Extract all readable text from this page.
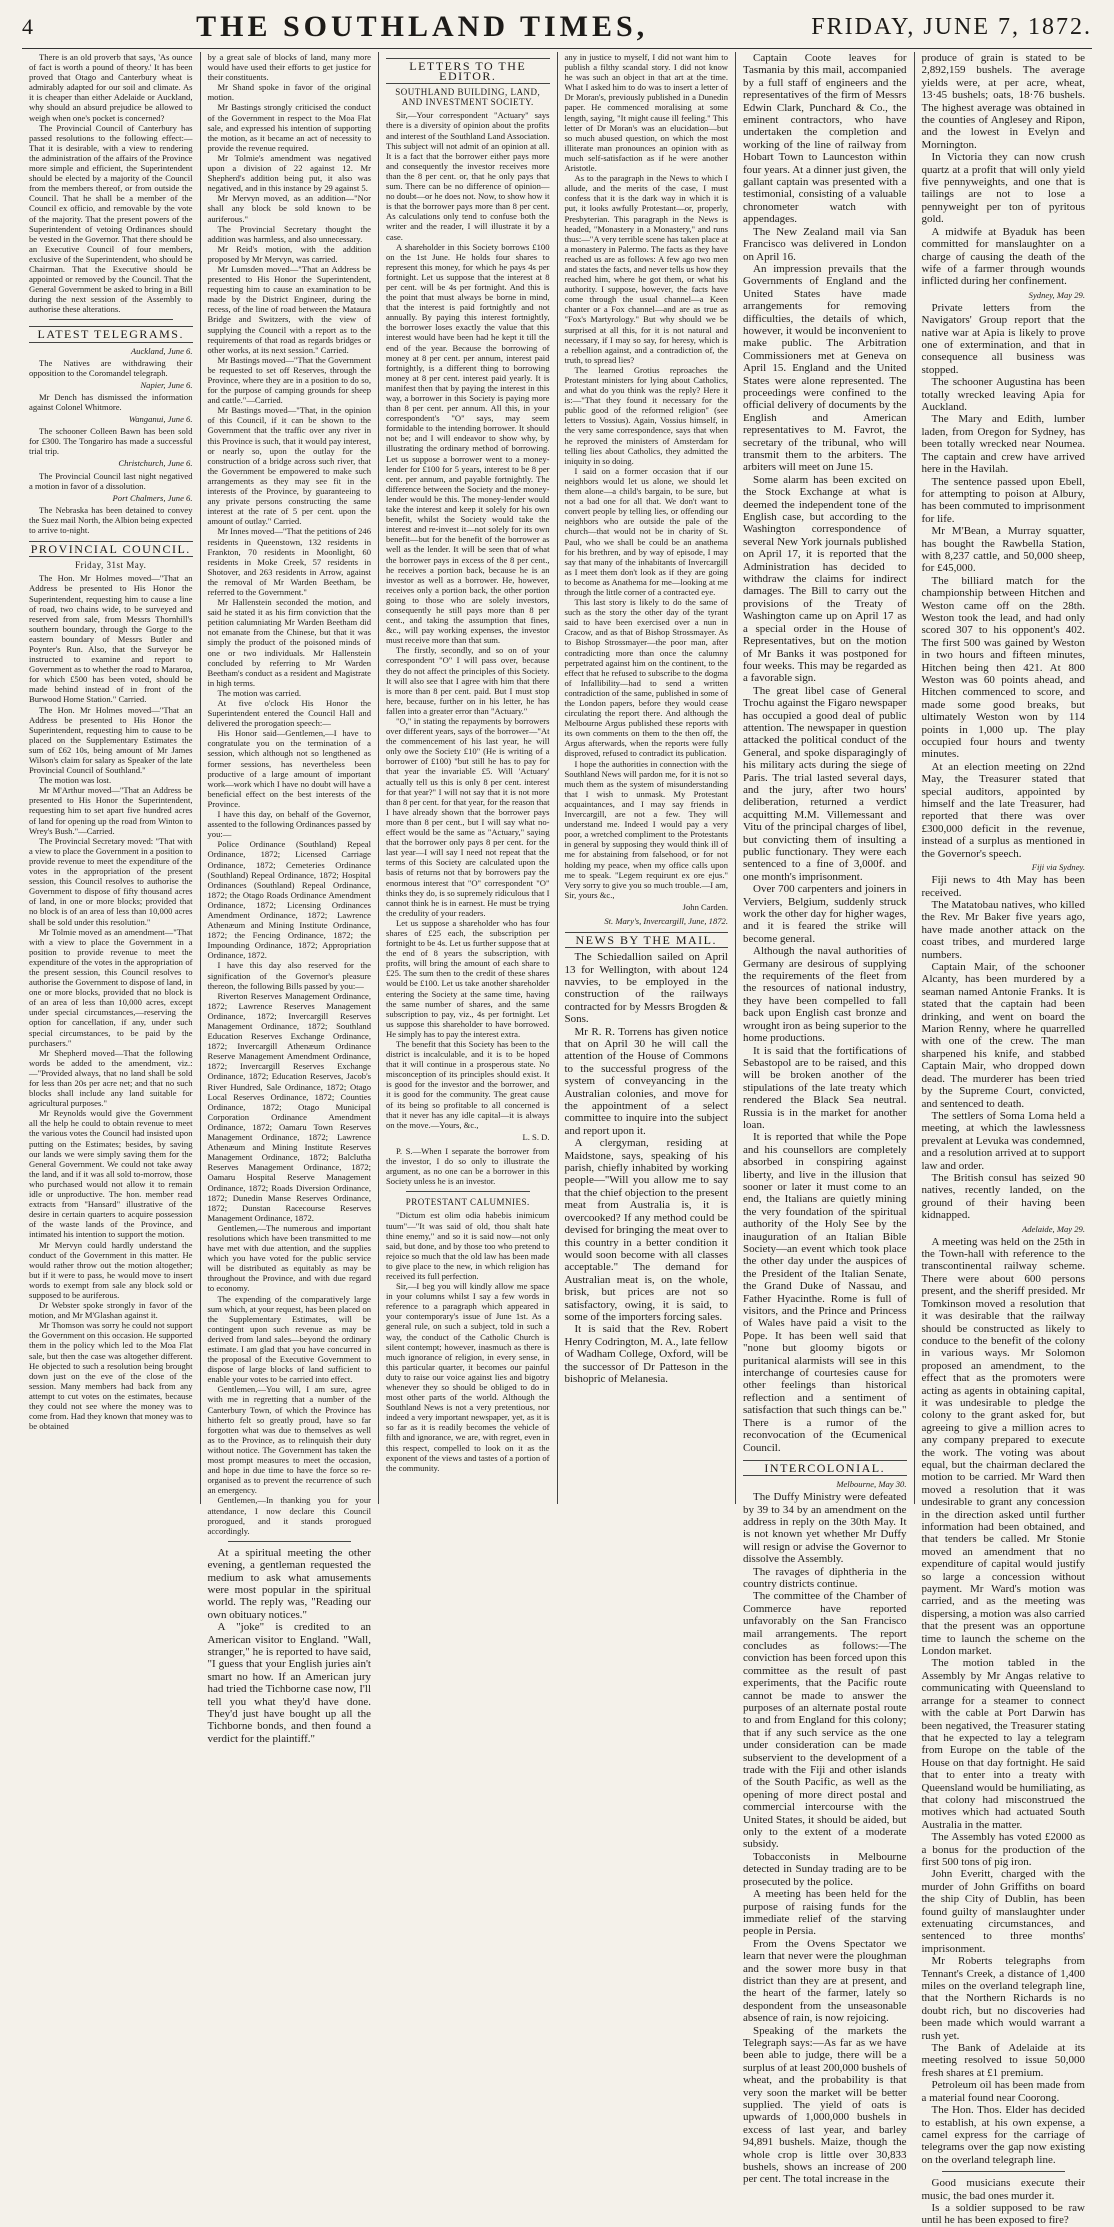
4	THE SOUTHLAND TIMES,	FRIDAY, JUNE 7, 1872.

There is an old proverb that says, 'As ounce of fact is worth a pound of theory.' It has been proved that Otago and Canterbury wheat is admirably adapted for our soil and climate. As it is cheaper than either Adelaide or Auckland, why should an absurd prejudice be allowed to weigh when one's pocket is concerned?

The Provincial Council of Canterbury has passed resolutions to the following effect:—That it is desirable, with a view to rendering the administration of the affairs of the Province more simple and efficient, the Superintendent should be elected by a majority of the Council from the members thereof, or from outside the Council. That he shall be a member of the Council ex officio, and removable by the vote of the majority. That the present powers of the Superintendent of vetoing Ordinances should be vested in the Governor. That there should be an Executive Council of four members, exclusive of the Superintendent, who should be Chairman. That the Executive should be appointed or removed by the Council. That the General Government be asked to bring in a Bill during the next session of the Assembly to authorise these alterations.

LATEST TELEGRAMS.
Auckland, June 6.

The Natives are withdrawing their opposition to the Coromandel telegraph.

Napier, June 6.

Mr Dench has dismissed the information against Colonel Whitmore.

Wanganui, June 6.

The schooner Colleen Bawn has been sold for £300. The Tongariro has made a successful trial trip.

Christchurch, June 6.

The Provincial Council last night negatived a motion in favor of a dissolution.

Port Chalmers, June 6.

The Nebraska has been detained to convey the Suez mail North, the Albion being expected to arrive to-night.

PROVINCIAL COUNCIL.
Friday, 31st May.

The Hon. Mr Holmes moved—"That an Address be presented to His Honor the Superintendent, requesting him to cause a line of road, two chains wide, to be surveyed and reserved from sale, from Messrs Thornhill's southern boundary, through the Gorge to the eastern boundary of Messrs Butler and Poynter's Run. Also, that the Surveyor be instructed to examine and report to Government as to whether the road to Mararoa, for which £500 has been voted, should be made behind instead of in front of the Burwood Home Station." Carried.

The Hon. Mr Holmes moved—"That an Address be presented to His Honor the Superintendent, requesting him to cause to be placed on the Supplementary Estimates the sum of £62 10s, being amount of Mr James Wilson's claim for salary as Speaker of the late Provincial Council of Southland."

The motion was lost.

Mr M'Arthur moved—"That an Address be presented to His Honor the Superintendent, requesting him to set apart five hundred acres of land for opening up the road from Winton to Wrey's Bush."—Carried.

The Provincial Secretary moved: "That with a view to place the Government in a position to provide revenue to meet the expenditure of the votes in the appropriation of the present session, this Council resolves to authorise the Government to dispose of fifty thousand acres of land, in one or more blocks; provided that no block is of an area of less than 10,000 acres shall be sold under this resolution."

Mr Tolmie moved as an amendment—"That with a view to place the Government in a position to provide revenue to meet the expenditure of the votes in the appropriation of the present session, this Council resolves to authorise the Government to dispose of land, in one or more blocks, provided that no block is of an area of less than 10,000 acres, except under special circumstances,—reserving the option for cancellation, if any, under such special circumstances, to be paid by the purchasers."

Mr Shepherd moved—That the following words be added to the amendment, viz.:—"Provided always, that no land shall be sold for less than 20s per acre net; and that no such blocks shall include any land suitable for agricultural purposes."

Mr Reynolds would give the Government all the help he could to obtain revenue to meet the various votes the Council had insisted upon putting on the Estimates; besides, by saving our lands we were simply saving them for the General Government. We could not take away the land, and if it was all sold to-morrow, those who purchased would not allow it to remain idle or unproductive. The hon. member read extracts from "Hansard" illustrative of the desire in certain quarters to acquire possession of the waste lands of the Province, and intimated his intention to support the motion.

Mr Mervyn could hardly understand the conduct of the Government in this matter. He would rather throw out the motion altogether; but if it were to pass, he would move to insert words to exempt from sale any block sold or supposed to be auriferous.

Dr Webster spoke strongly in favor of the motion, and Mr M'Glashan against it.

Mr Thomson was sorry he could not support the Government on this occasion. He supported them in the policy which led to the Moa Flat sale, but then the case was altogether different. He objected to such a resolution being brought down just on the eve of the close of the session. Many members had back from any attempt to cut votes on the estimates, because they could not see where the money was to come from. Had they known that money was to be obtained

by a great sale of blocks of land, many more would have used their efforts to get justice for their constituents.

Mr Shand spoke in favor of the original motion.

Mr Bastings strongly criticised the conduct of the Government in respect to the Moa Flat sale, and expressed his intention of supporting the motion, as it became an act of necessity to provide the revenue required.

Mr Tolmie's amendment was negatived upon a division of 22 against 12. Mr Shepherd's addition being put, it also was negatived, and in this instance by 29 against 5.

Mr Mervyn moved, as an addition—"Nor shall any block be sold known to be auriferous."

The Provincial Secretary thought the addition was harmless, and also unnecessary.

Mr Reid's motion, with the addition proposed by Mr Mervyn, was carried.

Mr Lumsden moved—"That an Address be presented to His Honor the Superintendent, requesting him to cause an examination to be made by the District Engineer, during the recess, of the line of road between the Mataura Bridge and Switzers, with the view of supplying the Council with a report as to the requirements of that road as regards bridges or other works, at its next session." Carried.

Mr Bastings moved—"That the Government be requested to set off Reserves, through the Province, where they are in a position to do so, for the purpose of camping grounds for sheep and cattle."—Carried.

Mr Bastings moved—"That, in the opinion of this Council, if it can be shown to the Government that the traffic over any river in this Province is such, that it would pay interest, or nearly so, upon the outlay for the construction of a bridge across such river, that the Government be empowered to make such arrangements as they may see fit in the interests of the Province, by guaranteeing to any private persons constructing the same interest at the rate of 5 per cent. upon the amount of outlay." Carried.

Mr Innes moved—"That the petitions of 246 residents in Queenstown, 132 residents in Frankton, 70 residents in Moonlight, 60 residents in Moke Creek, 57 residents in Shotover, and 263 residents in Arrow, against the removal of Mr Warden Beetham, be referred to the Government."

Mr Hallenstein seconded the motion, and said he stated it as his firm conviction that the petition calumniating Mr Warden Beetham did not emanate from the Chinese, but that it was simply the product of the poisoned minds of one or two individuals. Mr Hallenstein concluded by referring to Mr Warden Beetham's conduct as a resident and Magistrate in high terms.

The motion was carried.

At five o'clock His Honor the Superintendent entered the Council Hall and delivered the prorogation speech:—

His Honor said—Gentlemen,—I have to congratulate you on the termination of a session, which although not so lengthened as former sessions, has nevertheless been productive of a large amount of important work—work which I have no doubt will have a beneficial effect on the best interests of the Province.

I have this day, on behalf of the Governor, assented to the following Ordinances passed by you:—

Police Ordinance (Southland) Repeal Ordinance, 1872; Licensed Carriage Ordinance, 1872; Cemeteries Ordinance (Southland) Repeal Ordinance, 1872; Hospital Ordinances (Southland) Repeal Ordinance, 1872; the Otago Roads Ordinance Amendment Ordinance, 1872; Licensing Ordinances Amendment Ordinance, 1872; Lawrence Athenæum and Mining Institute Ordinance, 1872; the Fencing Ordinance, 1872; the Impounding Ordinance, 1872; Appropriation Ordinance, 1872.

I have this day also reserved for the signification of the Governor's pleasure thereon, the following Bills passed by you:—

Riverton Reserves Management Ordinance, 1872; Lawrence Reserves Management Ordinance, 1872; Invercargill Reserves Management Ordinance, 1872; Southland Education Reserves Exchange Ordinance, 1872; Invercargill Athenæum Ordinance Reserve Management Amendment Ordinance, 1872; Invercargill Reserves Exchange Ordinance, 1872; Education Reserves, Jacob's River Hundred, Sale Ordinance, 1872; Otago Local Reserves Ordinance, 1872; Counties Ordinance, 1872; Otago Municipal Corporation Ordinance Amendment Ordinance, 1872; Oamaru Town Reserves Management Ordinance, 1872; Lawrence Athenæum and Mining Institute Reserves Management Ordinance, 1872; Balclutha Reserves Management Ordinance, 1872; Oamaru Hospital Reserve Management Ordinance, 1872; Roads Diversion Ordinance, 1872; Dunedin Manse Reserves Ordinance, 1872; Dunstan Racecourse Reserves Management Ordinance, 1872.

Gentlemen,—The numerous and important resolutions which have been transmitted to me have met with due attention, and the supplies which you have voted for the public service will be distributed as equitably as may be throughout the Province, and with due regard to economy.

The expending of the comparatively large sum which, at your request, has been placed on the Supplementary Estimates, will be contingent upon such revenue as may be derived from land sales—beyond the ordinary estimate. I am glad that you have concurred in the proposal of the Executive Government to dispose of large blocks of land sufficient to enable your votes to be carried into effect.

Gentlemen,—You will, I am sure, agree with me in regretting that a number of the Canterbury Town, of which the Province has hitherto felt so greatly proud, have so far forgotten what was due to themselves as well as to the Province, as to relinquish their duty without notice. The Government has taken the most prompt measures to meet the occasion, and hope in due time to have the force so re-organised as to prevent the recurrence of such an emergency.

Gentlemen,—In thanking you for your attendance, I now declare this Council prorogued, and it stands prorogued accordingly.

At a spiritual meeting the other evening, a gentleman requested the medium to ask what amusements were most popular in the spiritual world. The reply was, "Reading our own obituary notices."

A "joke" is credited to an American visitor to England. "Wall, stranger," he is reported to have said, "I guess that your English juries ain't smart no how. If an American jury had tried the Tichborne case now, I'll tell you what they'd have done. They'd just have bought up all the Tichborne bonds, and then found a verdict for the plaintiff."

LETTERS TO THE EDITOR.
SOUTHLAND BUILDING, LAND, AND INVESTMENT SOCIETY.

Sir,—Your correspondent "Actuary" says there is a diversity of opinion about the profits and interest of the Southland Land Association. This subject will not admit of an opinion at all. It is a fact that the borrower either pays more and consequently the investor receives more than the 8 per cent. or, that he only pays that sum. There can be no difference of opinion—no doubt—or he does not. Now, to show how it is that the borrower pays more than 8 per cent. As calculations only tend to confuse both the writer and the reader, I will illustrate it by a case.

A shareholder in this Society borrows £100 on the 1st June. He holds four shares to represent this money, for which he pays 4s per fortnight. Let us suppose that the interest at 8 per cent. will be 4s per fortnight. And this is the point that must always be borne in mind, that the interest is paid fortnightly and not annually. By paying this interest fortnightly, the borrower loses exactly the value that this interest would have been had he kept it till the end of the year. Because the borrowing of money at 8 per cent. per annum, interest paid fortnightly, is a different thing to borrowing money at 8 per cent. interest paid yearly. It is manifest then that by paying the interest in this way, a borrower in this Society is paying more than 8 per cent. per annum. All this, in your correspondent's "O" says, may seem formidable to the intending borrower. It should not be; and I will endeavor to show why, by illustrating the ordinary method of borrowing. Let us suppose a borrower went to a money-lender for £100 for 5 years, interest to be 8 per cent. per annum, and payable fortnightly. The difference between the Society and the money-lender would be this. The money-lender would take the interest and keep it solely for his own benefit, whilst the Society would take the interest and re-invest it—not solely for its own benefit—but for the benefit of the borrower as well as the lender. It will be seen that of what the borrower pays in excess of the 8 per cent., he receives a portion back, because he is an investor as well as a borrower. He, however, receives only a portion back, the other portion going to those who are solely investors, consequently he still pays more than 8 per cent., and taking the assumption that fines, &c., will pay working expenses, the investor must receive more than that sum.

The firstly, secondly, and so on of your correspondent "O" I will pass over, because they do not affect the principles of this Society. It will also see that I agree with him that there is more than 8 per cent. paid. But I must stop here, because, further on in his letter, he has fallen into a greater error than "Actuary."

"O," in stating the repayments by borrowers over different years, says of the borrower—"At the commencement of his last year, he will only owe the Society £10" (He is writing of a borrower of £100) "but still he has to pay for that year the invariable £5. Will 'Actuary' actually tell us this is only 8 per cent. interest for that year?" I will not say that it is not more than 8 per cent. for that year, for the reason that I have already shown that the borrower pays more than 8 per cent., but I will say what no-effect would be the same as "Actuary," saying that the borrower only pays 8 per cent. for the last year—I will say I need not repeat that the terms of this Society are calculated upon the basis of returns not that by borrowers pay the enormous interest that "O" correspondent "O" thinks they do, is so supremely ridiculous that I cannot think he is in earnest. He must be trying the credulity of your readers.

Let us suppose a shareholder who has four shares of £25 each, the subscription per fortnight to be 4s. Let us further suppose that at the end of 8 years the subscription, with profits, will bring the amount of each share to £25. The sum then to the credit of these shares would be £100. Let us take another shareholder entering the Society at the same time, having the same number of shares, and the same subscription to pay, viz., 4s per fortnight. Let us suppose this shareholder to have borrowed. He simply has to pay the interest extra.

The benefit that this Society has been to the district is incalculable, and it is to be hoped that it will continue in a prosperous state. No misconception of its principles should exist. It is good for the investor and the borrower, and it is good for the community. The great cause of its being so profitable to all concerned is that it never has any idle capital—it is always on the move.—Yours, &c.,

L. S. D.

P. S.—When I separate the borrower from the investor, I do so only to illustrate the argument, as no one can be a borrower in this Society unless he is an investor.

PROTESTANT CALUMNIES.

"Dictum est olim odia habebis inimicum tuum"—"It was said of old, thou shalt hate thine enemy," and so it is said now—not only said, but done, and by those too who pretend to rejoice so much that the old law has been made to give place to the new, in which religion has received its full perfection.

Sir,—I beg you will kindly allow me space in your columns whilst I say a few words in reference to a paragraph which appeared in your contemporary's issue of June 1st. As a general rule, on such a subject, told in such a way, the conduct of the Catholic Church is silent contempt; however, inasmuch as there is much ignorance of religion, in every sense, in this particular quarter, it becomes our painful duty to raise our voice against lies and bigotry whenever they so should be obliged to do in most other parts of the world. Although the Southland News is not a very pretentious, nor indeed a very important newspaper, yet, as it is so far as it is readily becomes the vehicle of filth and ignorance, we are, with regret, even in this respect, compelled to look on it as the exponent of the views and tastes of a portion of the community.

any in justice to myself, I did not want him to publish a filthy scandal story. I did not know he was such an object in that art at the time. What I asked him to do was to insert a letter of Dr Moran's, previously published in a Dunedin paper. He commenced moralising at some length, saying, "It might cause ill feeling." This letter of Dr Moran's was an elucidation—but so much abused question, on which the most illiterate man pronounces an opinion with as much self-satisfaction as if he were another Aristotle.

As to the paragraph in the News to which I allude, and the merits of the case, I must confess that it is the dark way in which it is put, it looks awfully Protestant—or, properly, Presbyterian. This paragraph in the News is headed, "Monastery in a Monastery," and runs thus:—"A very terrible scene has taken place at a monastery in Palermo. The facts as they have reached us are as follows: A few ago two men and states the facts, and never tells us how they reached him, where he got them, or what his authority. I suppose, however, the facts have come through the usual channel—a Keen chanter or a Fox channel—and are as true as "Fox's Martyrology." But why should we be surprised at all this, for it is not natural and necessary, if I may so say, for heresy, which is a rebellion against, and a contradiction of, the truth, to spread lies?

The learned Grotius reproaches the Protestant ministers for lying about Catholics, and what do you think was the reply? Here it is:—"That they found it necessary for the public good of the reformed religion" (see letters to Vossius). Again, Vossius himself, in the very same correspondence, says that when he reproved the ministers of Amsterdam for telling lies about Catholics, they admitted the iniquity in so doing.

I said on a former occasion that if our neighbors would let us alone, we should let them alone—a child's bargain, to be sure, but not a bad one for all that. We don't want to convert people by telling lies, or offending our neighbors who are outside the pale of the church—that would not be in charity of St. Paul, who we shall be could be an anathema for his brethren, and by way of episode, I may say that many of the inhabitants of Invercargill as I meet them don't look as if they are going to become as Anathema for me—looking at me through the little corner of a contracted eye.

This last story is likely to do the same of such as the story the other day of the tyrant said to have been exercised over a nun in Cracow, and as that of Bishop Strossmayer. As to Bishop Strossmayer—the poor man, after contradicting more than once the calumny perpetrated against him on the continent, to the effect that he refused to subscribe to the dogma of Infallibility—had to send a written contradiction of the same, published in some of the London papers, before they would cease circulating the report there. And although the Melbourne Argus published these reports with its own comments on them to the then off, the Argus afterwards, when the reports were fully disproved, refused to contradict its publication.

I hope the authorities in connection with the Southland News will pardon me, for it is not so much them as the system of misunderstanding that I wish to unmask. My Protestant acquaintances, and I may say friends in Invercargill, are not a few. They will understand me. Indeed I would pay a very poor, a wretched compliment to the Protestants in general by supposing they would think ill of me for abstaining from falsehood, or for not holding my peace, when my office calls upon me to speak. "Legem requirunt ex ore ejus." Very sorry to give you so much trouble.—I am, Sir, yours &c.,

John Carden.
St. Mary's, Invercargill, June, 1872.
NEWS BY THE MAIL.

The Schiedallion sailed on April 13 for Wellington, with about 124 navvies, to be employed in the construction of the railways contracted for by Messrs Brogden & Sons.

Mr R. R. Torrens has given notice that on April 30 he will call the attention of the House of Commons to the successful progress of the system of conveyancing in the Australian colonies, and move for the appointment of a select committee to inquire into the subject and report upon it.

A clergyman, residing at Maidstone, says, speaking of his parish, chiefly inhabited by working people—"Will you allow me to say that the chief objection to the present meat from Australia is, it is overcooked? If any method could be devised for bringing the meat over to this country in a better condition it would soon become with all classes acceptable." The demand for Australian meat is, on the whole, brisk, but prices are not so satisfactory, owing, it is said, to some of the importers forcing sales.

It is said that the Rev. Robert Henry Codrington, M. A., late fellow of Wadham College, Oxford, will be the successor of Dr Patteson in the bishopric of Melanesia.

Captain Coote leaves for Tasmania by this mail, accompanied by a full staff of engineers and the representatives of the firm of Messrs Edwin Clark, Punchard & Co., the eminent contractors, who have undertaken the completion and working of the line of railway from Hobart Town to Launceston within four years. At a dinner just given, the gallant captain was presented with a testimonial, consisting of a valuable chronometer watch with appendages.

The New Zealand mail via San Francisco was delivered in London on April 16.

An impression prevails that the Governments of England and the United States have made arrangements for removing difficulties, the details of which, however, it would be inconvenient to make public. The Arbitration Commissioners met at Geneva on April 15. England and the United States were alone represented. The proceedings were confined to the official delivery of documents by the English and American representatives to M. Favrot, the secretary of the tribunal, who will transmit them to the arbiters. The arbiters will meet on June 15.

Some alarm has been excited on the Stock Exchange at what is deemed the independent tone of the English case, but according to the Washington correspondence of several New York journals published on April 17, it is reported that the Administration has decided to withdraw the claims for indirect damages. The Bill to carry out the provisions of the Treaty of Washington came up on April 17 as a special order in the House of Representatives, but on the motion of Mr Banks it was postponed for four weeks. This may be regarded as a favorable sign.

The great libel case of General Trochu against the Figaro newspaper has occupied a good deal of public attention. The newspaper in question attacked the political conduct of the General, and spoke disparagingly of his military acts during the siege of Paris. The trial lasted several days, and the jury, after two hours' deliberation, returned a verdict acquitting M.M. Villemessant and Vitu of the principal charges of libel, but convicting them of insulting a public functionary. They were each sentenced to a fine of 3,000f. and one month's imprisonment.

Over 700 carpenters and joiners in Verviers, Belgium, suddenly struck work the other day for higher wages, and it is feared the strike will become general.

Although the naval authorities of Germany are desirous of supplying the requirements of the fleet from the resources of national industry, they have been compelled to fall back upon English cast bronze and wrought iron as being superior to the home productions.

It is said that the fortifications of Sebastopol are to be raised, and this will be broken another of the stipulations of the late treaty which rendered the Black Sea neutral. Russia is in the market for another loan.

It is reported that while the Pope and his counsellors are completely absorbed in conspiring against liberty, and live in the illusion that sooner or later it must come to an end, the Italians are quietly mining the very foundation of the spiritual authority of the Holy See by the inauguration of an Italian Bible Society—an event which took place the other day under the auspices of the President of the Italian Senate, the Grand Duke of Nassau, and Father Hyacinthe. Rome is full of visitors, and the Prince and Princess of Wales have paid a visit to the Pope. It has been well said that "none but gloomy bigots or puritanical alarmists will see in this interchange of courtesies cause for other feelings than historical reflection and a sentiment of satisfaction that such things can be." There is a rumor of the reconvocation of the Œcumenical Council.

INTERCOLONIAL.
Melbourne, May 30.

The Duffy Ministry were defeated by 39 to 34 by an amendment on the address in reply on the 30th May. It is not known yet whether Mr Duffy will resign or advise the Governor to dissolve the Assembly.

The ravages of diphtheria in the country districts continue.

The committee of the Chamber of Commerce have reported unfavorably on the San Francisco mail arrangements. The report concludes as follows:—The conviction has been forced upon this committee as the result of past experiments, that the Pacific route cannot be made to answer the purposes of an alternate postal route to and from England for this colony; that if any such service as the one under consideration can be made subservient to the development of a trade with the Fiji and other islands of the South Pacific, as well as the opening of more direct postal and commercial intercourse with the United States, it should be aided, but only to the extent of a moderate subsidy.

Tobacconists in Melbourne detected in Sunday trading are to be prosecuted by the police.

A meeting has been held for the purpose of raising funds for the immediate relief of the starving people in Persia.

From the Ovens Spectator we learn that never were the ploughman and the sower more busy in that district than they are at present, and the heart of the farmer, lately so despondent from the unseasonable absence of rain, is now rejoicing.

Speaking of the markets the Telegraph says:—As far as we have been able to judge, there will be a surplus of at least 200,000 bushels of wheat, and the probability is that very soon the market will be better supplied. The yield of oats is upwards of 1,000,000 bushels in excess of last year, and barley 94,891 bushels. Maize, though the whole crop is little over 30,833 bushels, shows an increase of 200 per cent. The total increase in the

produce of grain is stated to be 2,892,159 bushels. The average yields were, at per acre, wheat, 13·45 bushels; oats, 18·76 bushels. The highest average was obtained in the counties of Anglesey and Ripon, and the lowest in Evelyn and Mornington.

In Victoria they can now crush quartz at a profit that will only yield five pennyweights, and one that is tailings are not to lose a pennyweight per ton of pyritous gold.

A midwife at Byaduk has been committed for manslaughter on a charge of causing the death of the wife of a farmer through wounds inflicted during her confinement.

Sydney, May 29.

Private letters from the Navigators' Group report that the native war at Apia is likely to prove one of extermination, and that in consequence all business was stopped.

The schooner Augustina has been totally wrecked leaving Apia for Auckland.

The Mary and Edith, lumber laden, from Oregon for Sydney, has been totally wrecked near Noumea. The captain and crew have arrived here in the Havilah.

The sentence passed upon Ebell, for attempting to poison at Albury, has been commuted to imprisonment for life.

Mr M'Bean, a Murray squatter, has bought the Rawbella Station, with 8,237 cattle, and 50,000 sheep, for £45,000.

The billiard match for the championship between Hitchen and Weston came off on the 28th. Weston took the lead, and had only scored 307 to his opponent's 402. The first 500 was gained by Weston in two hours and fifteen minutes, Hitchen being then 421. At 800 Weston was 60 points ahead, and Hitchen commenced to score, and made some good breaks, but ultimately Weston won by 114 points in 1,000 up. The play occupied four hours and twenty minutes.

At an election meeting on 22nd May, the Treasurer stated that special auditors, appointed by himself and the late Treasurer, had reported that there was over £300,000 deficit in the revenue, instead of a surplus as mentioned in the Governor's speech.

Fiji via Sydney.

Fiji news to 4th May has been received.

The Matatobau natives, who killed the Rev. Mr Baker five years ago, have made another attack on the coast tribes, and murdered large numbers.

Captain Mair, of the schooner Alcanty, has been murdered by a seaman named Antonie Franks. It is stated that the captain had been drinking, and went on board the Marion Renny, where he quarrelled with one of the crew. The man sharpened his knife, and stabbed Captain Mair, who dropped down dead. The murderer has been tried by the Supreme Court, convicted, and sentenced to death.

The settlers of Soma Loma held a meeting, at which the lawlessness prevalent at Levuka was condemned, and a resolution arrived at to support law and order.

The British consul has seized 90 natives, recently landed, on the ground of their having been kidnapped.

Adelaide, May 29.

A meeting was held on the 25th in the Town-hall with reference to the transcontinental railway scheme. There were about 600 persons present, and the sheriff presided. Mr Tomkinson moved a resolution that it was desirable that the railway should be constructed as likely to conduce to the benefit of the colony in various ways. Mr Solomon proposed an amendment, to the effect that as the promoters were acting as agents in obtaining capital, it was undesirable to pledge the colony to the grant asked for, but agreeing to give a million acres to any company prepared to execute the work. The voting was about equal, but the chairman declared the motion to be carried. Mr Ward then moved a resolution that it was undesirable to grant any concession in the direction asked until further information had been obtained, and that tenders be called. Mr Stonie moved an amendment that no expenditure of capital would justify so large a concession without payment. Mr Ward's motion was carried, and as the meeting was dispersing, a motion was also carried that the present was an opportune time to launch the scheme on the London market.

The motion tabled in the Assembly by Mr Angas relative to communicating with Queensland to arrange for a steamer to connect with the cable at Port Darwin has been negatived, the Treasurer stating that he expected to lay a telegram from Europe on the table of the House on that day fortnight. He said that to enter into a treaty with Queensland would be humiliating, as that colony had misconstrued the motives which had actuated South Australia in the matter.

The Assembly has voted £2000 as a bonus for the production of the first 500 tons of pig iron.

John Everitt, charged with the murder of John Griffiths on board the ship City of Dublin, has been found guilty of manslaughter under extenuating circumstances, and sentenced to three months' imprisonment.

Mr Roberts telegraphs from Tennant's Creek, a distance of 1,400 miles on the overland telegraph line, that the Northern Richards is no doubt rich, but no discoveries had been made which would warrant a rush yet.

The Bank of Adelaide at its meeting resolved to issue 50,000 fresh shares at £1 premium.

Petroleum oil has been made from a material found near Coorong.

The Hon. Thos. Elder has decided to establish, at his own expense, a camel express for the carriage of telegrams over the gap now existing on the overland telegraph line.

Good musicians execute their music, the bad ones murder it.

Is a soldier supposed to be raw until he has been exposed to fire?
